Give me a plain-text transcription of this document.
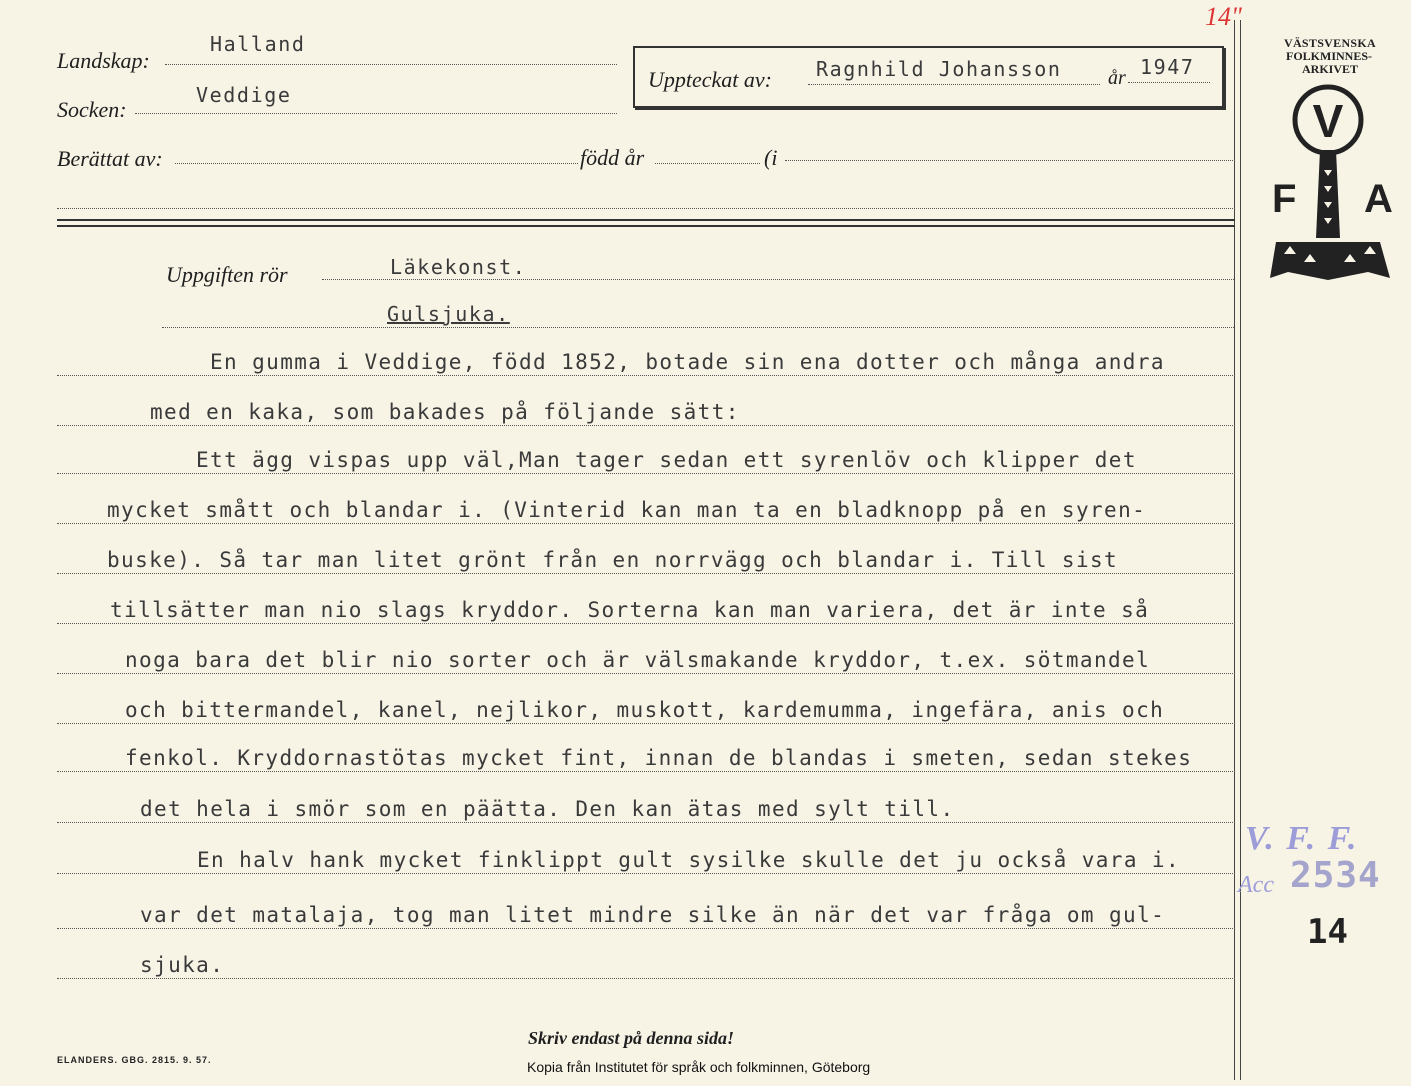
14"
Landskap:
Halland
Socken:
Veddige
Berättat av:	född år	(i
Uppteckat av: Ragnhild Johansson år 1947
Uppgiften rör	Läkekonst.
Gulsjuka.
En gumma i Veddige, född 1852, botade sin ena dotter och många andra
med en kaka, som bakades på följande sätt:
Ett ägg vispas upp väl,Man tager sedan ett syrenlöv och klipper det
mycket smått och blandar i. (Vinterid kan man ta en bladknopp på en syren-
buske). Så tar man litet grönt från en norrvägg och blandar i. Till sist
tillsätter man nio slags kryddor. Sorterna kan man variera, det är inte så
noga bara det blir nio sorter och är välsmakande kryddor, t.ex. sötmandel
och bittermandel, kanel, nejlikor, muskott, kardemumma, ingefära, anis och
fenkol. Kryddornastötas mycket fint, innan de blandas i smeten, sedan stekes
det hela i smör som en päätta. Den kan ätas med sylt till.
En halv hank mycket finklippt gult sysilke skulle det ju också vara i.
var det matalaja, tog man litet mindre silke än när det var fråga om gul-
sjuka.
VÄSTSVENSKA
FOLKMINNES-
ARKIVET
V
F A
V. F. F.
Acc 2534
14
Skriv endast på denna sida!
ELANDERS. GBG. 2815. 9. 57.	Kopia från Institutet för språk och folkminnen, Göteborg
